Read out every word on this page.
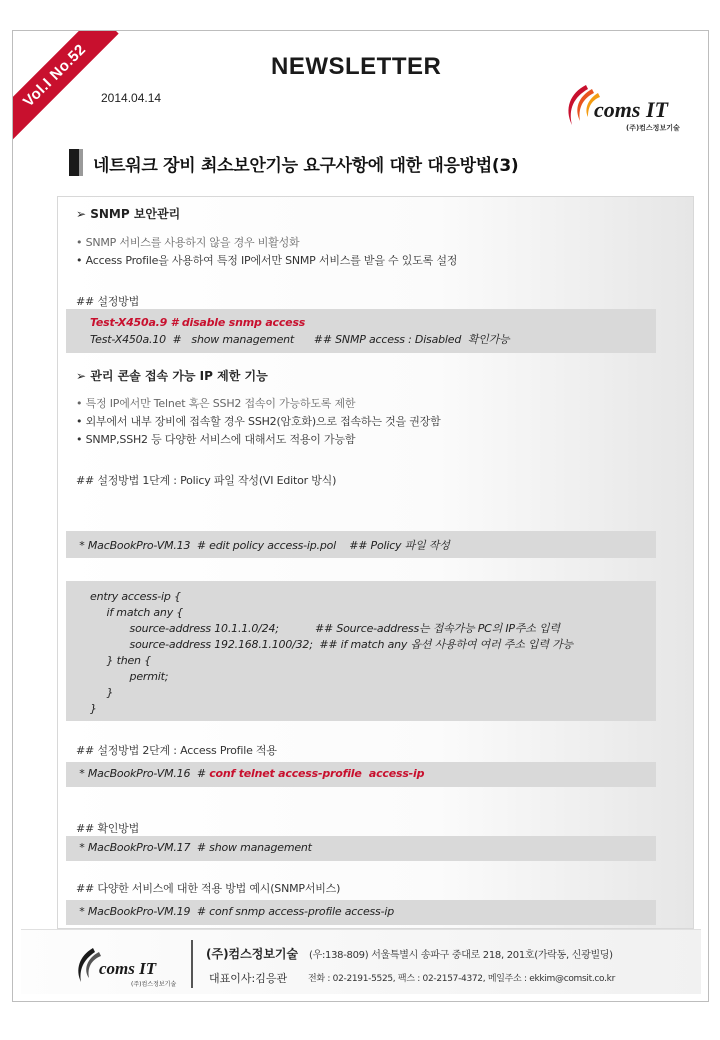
Vol.I No.52	NEWSLETTER
2014.04.14	coms IT
(주)컴스정보기술
네트워크 장비 최소보안기능 요구사항에 대한 대응방법(3)
➢ SNMP 보안관리
• SNMP 서비스를 사용하지 않을 경우 비활성화
• Access Profile을 사용하여 특정 IP에서만 SNMP 서비스를 받을 수 있도록 설정
## 설정방법
Test-X450a.9 # disable snmp access
Test-X450a.10  #   show management      ## SNMP access : Disabled  확인가능
➢ 관리 콘솔 접속 가능 IP 제한 기능
• 특정 IP에서만 Telnet 혹은 SSH2 접속이 가능하도록 제한
• 외부에서 내부 장비에 접속할 경우 SSH2(암호화)으로 접속하는 것을 권장함
• SNMP,SSH2 등 다양한 서비스에 대해서도 적용이 가능함
## 설정방법 1단계 : Policy 파일 작성(VI Editor 방식)
* MacBookPro-VM.13  # edit policy access-ip.pol    ## Policy 파일 작성
entry access-ip {
if match any {
source-address 10.1.1.0/24;           ## Source-address는 접속가능 PC의 IP주소 입력
source-address 192.168.1.100/32;  ## if match any 옵션 사용하여 여러 주소 입력 가능
} then {
permit;
}
}
## 설정방법 2단계 : Access Profile 적용
* MacBookPro-VM.16  # conf telnet access-profile  access-ip
## 확인방법
* MacBookPro-VM.17  # show management
## 다양한 서비스에 대한 적용 방법 예시(SNMP서비스)
* MacBookPro-VM.19  # conf snmp access-profile access-ip
coms IT
(주)컴스정보기술
(주)컴스정보기술 (우:138-809) 서울특별시 송파구 중대로 218, 201호(가락동, 신광빌딩)
대표이사:김응관 전화 : 02-2191-5525, 팩스 : 02-2157-4372, 메일주소 : ekkim@comsit.co.kr
